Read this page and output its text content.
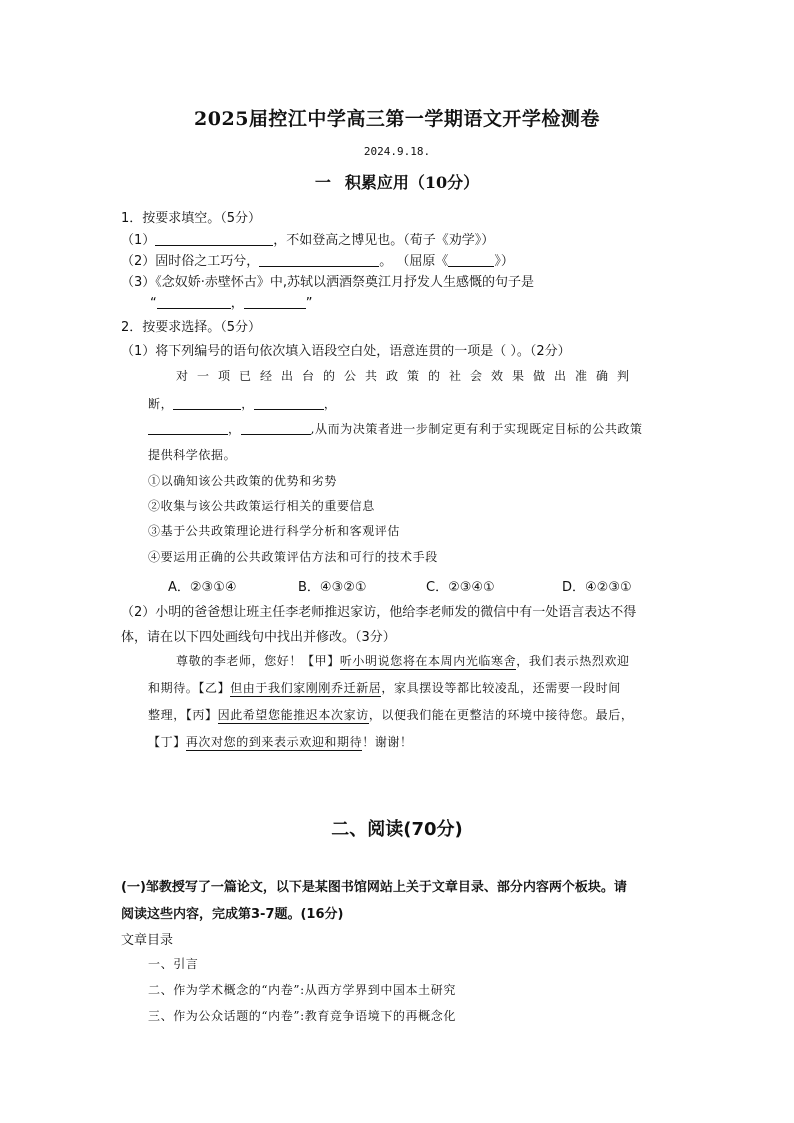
2025届控江中学高三第一学期语文开学检测卷
2024.9.18.
一 积累应用（10分）
1．按要求填空。（5分）
（1）	，不如登高之博见也。（荀子《劝学》）
（2）固时俗之工巧兮，	。 （屈原《	》）
（3）《念奴娇·赤壁怀古》中,苏轼以洒酒祭奠江月抒发人生感慨的句子是
“	，	”
2．按要求选择。（5分）
（1）将下列编号的语句依次填入语段空白处，语意连贯的一项是（ ）。（2分）
对一项已经出台的公共政策的社会效果做出准确判
断，	，	，
，	,从而为决策者进一步制定更有利于实现既定目标的公共政策
提供科学依据。
①以确知该公共政策的优势和劣势
②收集与该公共政策运行相关的重要信息
③基于公共政策理论进行科学分析和客观评估
④要运用正确的公共政策评估方法和可行的技术手段
A．②③①④	B．④③②①	C．②③④①	D．④②③①
（2）小明的爸爸想让班主任李老师推迟家访，他给李老师发的微信中有一处语言表达不得
体，请在以下四处画线句中找出并修改。（3分）
尊敬的李老师，您好！【甲】听小明说您将在本周内光临寒舍，我们表示热烈欢迎
和期待。【乙】但由于我们家刚刚乔迁新居，家具摆设等都比较凌乱，还需要一段时间
整理，【丙】因此希望您能推迟本次家访，以便我们能在更整洁的环境中接待您。最后，
【丁】再次对您的到来表示欢迎和期待！谢谢！
二、阅读(70分)
(一)邹教授写了一篇论文，以下是某图书馆网站上关于文章目录、部分内容两个板块。请
阅读这些内容，完成第3-7题。(16分)
文章目录
一、引言
二、作为学术概念的“内卷”:从西方学界到中国本土研究
三、作为公众话题的“内卷”:教育竞争语境下的再概念化
